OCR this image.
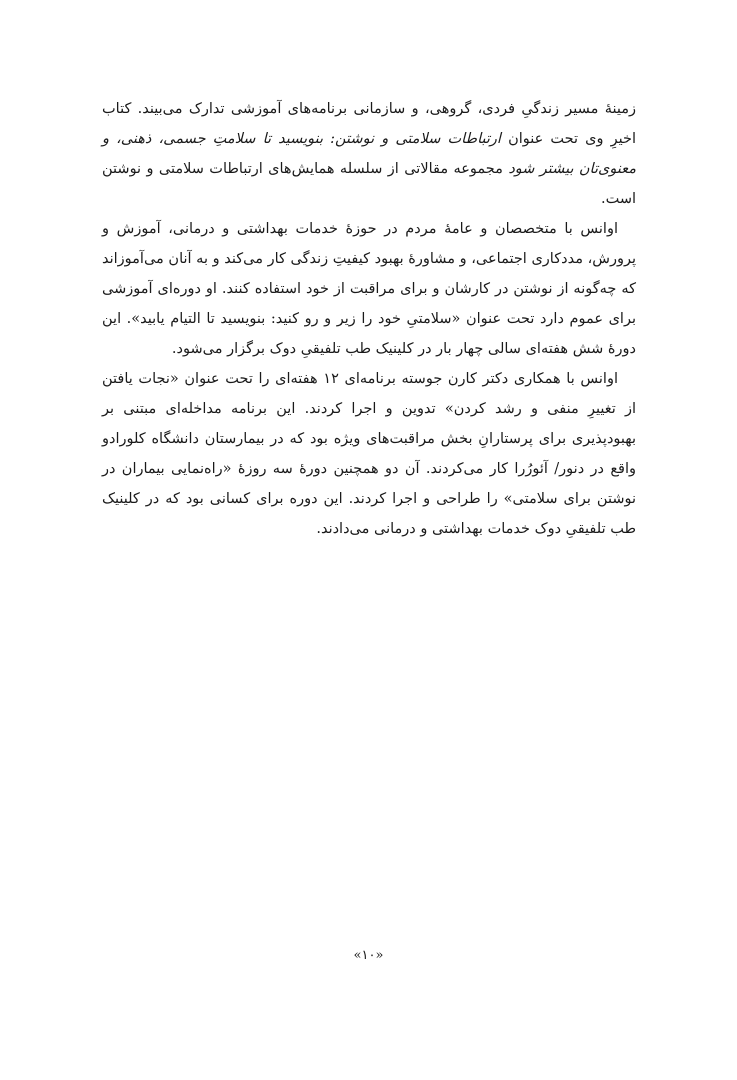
زمینهٔ مسیر زندگیِ فردی، گروهی، و سازمانی برنامه‌های آموزشی تدارک می‌بیند. کتاب اخیرِ وی تحت عنوان ارتباطات سلامتی و نوشتن: بنویسید تا سلامتِ جسمی، ذهنی، و معنوی‌تان بیشتر شود مجموعه مقالاتی از سلسله همایش‌های ارتباطات سلامتی و نوشتن است.

اوانس با متخصصان و عامهٔ مردم در حوزهٔ خدمات بهداشتی و درمانی، آموزش و پرورش، مددکاری اجتماعی، و مشاورهٔ بهبود کیفیتِ زندگی کار می‌کند و به آنان می‌آموزاند که چه‌گونه از نوشتن در کارشان و برای مراقبت از خود استفاده کنند. او دوره‌ای آموزشی برای عموم دارد تحت عنوان «سلامتیِ خود را زیر و رو کنید: بنویسید تا التیام یابید». این دورهٔ شش هفته‌ای سالی چهار بار در کلینیک طب تلفیقیِ دوک برگزار می‌شود.

اوانس با همکاری دکتر کارن جوسته برنامه‌ای ۱۲ هفته‌ای را تحت عنوان «نجات یافتن از تغییرِ منفی و رشد کردن» تدوین و اجرا کردند. این برنامه مداخله‌ای مبتنی بر بهبودپذیری برای پرستارانِ بخش مراقبت‌های ویژه بود که در بیمارستان دانشگاه کلورادو واقع در دنور/ آئورُرا کار می‌کردند. آن دو همچنین دورهٔ سه روزهٔ «راه‌نمایی بیماران در نوشتن برای سلامتی» را طراحی و اجرا کردند. این دوره برای کسانی بود که در کلینیک طب تلفیقیِ دوک خدمات بهداشتی و درمانی می‌دادند.

«۱۰»
